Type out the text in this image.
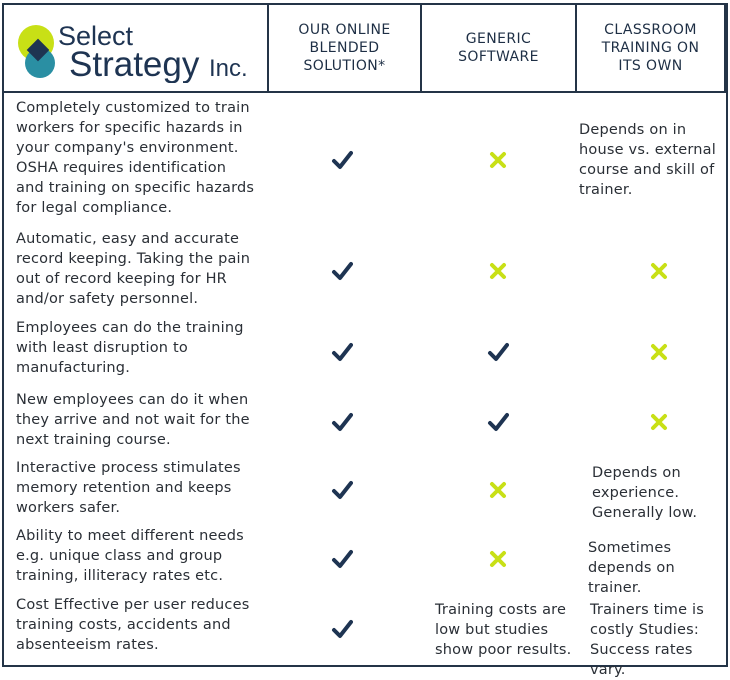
Select
Strategy Inc.
OUR ONLINE
BLENDED
SOLUTION*
GENERIC
SOFTWARE
CLASSROOM
TRAINING ON
ITS OWN
Completely customized to train workers for specific hazards in your company's environment. OSHA requires identification and training on specific hazards for legal compliance.
Depends on in house vs. external course and skill of trainer.
Automatic, easy and accurate record keeping. Taking the pain out of record keeping for HR and/or safety personnel.
Employees can do the training with least disruption to manufacturing.
New employees can do it when they arrive and not wait for the next training course.
Interactive process stimulates memory retention and keeps workers safer.
Depends on experience. Generally low.
Ability to meet different needs e.g. unique class and group training, illiteracy rates etc.
Sometimes depends on trainer.
Cost Effective per user reduces training costs, accidents and absenteeism rates.
Training costs are low but studies show poor results.
Trainers time is costly Studies: Success rates vary.
